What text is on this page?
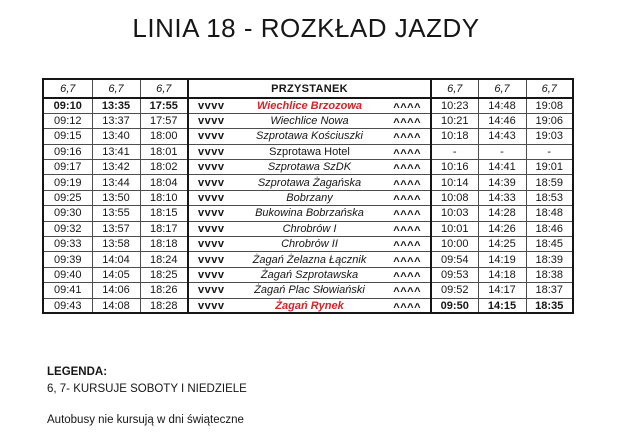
LINIA 18 - ROZKŁAD JAZDY
6,7	6,7	6,7	PRZYSTANEK	6,7	6,7	6,7
09:10	13:35	17:55	vvvv Wiechlice Brzozowa ^^^^	10:23	14:48	19:08
09:12	13:37	17:57	vvvv Wiechlice Nowa ^^^^	10:21	14:46	19:06
09:15	13:40	18:00	vvvv Szprotawa Kościuszki ^^^^	10:18	14:43	19:03
09:16	13:41	18:01	vvvv Szprotawa Hotel ^^^^	-	-	-
09:17	13:42	18:02	vvvv Szprotawa SzDK ^^^^	10:16	14:41	19:01
09:19	13:44	18:04	vvvv Szprotawa Żagańska ^^^^	10:14	14:39	18:59
09:25	13:50	18:10	vvvv Bobrzany ^^^^	10:08	14:33	18:53
09:30	13:55	18:15	vvvv Bukowina Bobrzańska ^^^^	10:03	14:28	18:48
09:32	13:57	18:17	vvvv Chrobrów I ^^^^	10:01	14:26	18:46
09:33	13:58	18:18	vvvv Chrobrów II ^^^^	10:00	14:25	18:45
09:39	14:04	18:24	vvvv Żagań Żelazna Łącznik ^^^^	09:54	14:19	18:39
09:40	14:05	18:25	vvvv Żagań Szprotawska ^^^^	09:53	14:18	18:38
09:41	14:06	18:26	vvvv Żagań Plac Słowiański ^^^^	09:52	14:17	18:37
09:43	14:08	18:28	vvvv Żagań Rynek ^^^^	09:50	14:15	18:35
LEGENDA:
6, 7- KURSUJE SOBOTY I NIEDZIELE
Autobusy nie kursują w dni świąteczne
